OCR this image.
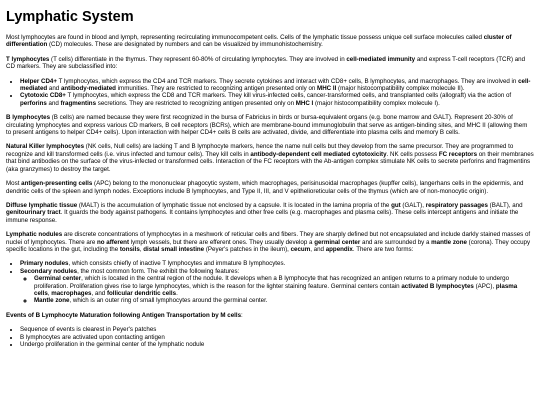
Lymphatic System

Most lymphocytes are found in blood and lymph, representing recirculating immunocompetent cells. Cells of the lymphatic tissue possess unique cell surface molecules called cluster of differentiation (CD) molecules. These are designated by numbers and can be visualized by immunohistochemistry.

T lymphocytes (T cells) differentiate in the thymus. They represent 60-80% of circulating lymphocytes. They are involved in cell-mediated immunity and express T-cell receptors (TCR) and CD markers. They are subclassified into:

• Helper CD4+ T lymphocytes, which express the CD4 and TCR markers. They secrete cytokines and interact with CD8+ cells, B lymphocytes, and macrophages. They are involved in cell-mediated and antibody-mediated immunities. They are restricted to recognizing antigen presented only on MHC II (major histocompatibility complex molecule II).
• Cytotoxic CD8+ T lymphocytes, which express the CD8 and TCR markers. They kill virus-infected cells, cancer-transformed cells, and transplanted cells (allograft) via the action of perforins and fragmentins secretions. They are restricted to recognizing antigen presented only on MHC I (major histocompatibility complex molecule I).

B lymphocytes (B cells) are named because they were first recognized in the bursa of Fabricius in birds or bursa-equivalent organs (e.g. bone marrow and GALT). Represent 20-30% of circulating lymphocytes and express various CD markers, B cell receptors (BCRs), which are membrane-bound immunoglobulin that serve as antigen-binding sites, and MHC II (allowing them to present antigens to helper CD4+ cells). Upon interaction with helper CD4+ cells B cells are activated, divide, and differentiate into plasma cells and memory B cells.

Natural Killer lymphocytes (NK cells, Null cells) are lacking T and B lymphocyte markers, hence the name null cells but they develop from the same precursor. They are programmed to recognize and kill transformed cells (i.e. virus infected and tumour cells). They kill cells in antibody-dependent cell mediated cytotoxicity. NK cells possess FC receptors on their membranes that bind antibodies on the surface of the virus-infected or transformed cells. Interaction of the FC receptors with the Ab-antigen complex stimulate NK cells to secrete perforins and fragmentins (aka granzymes) to destroy the target.

Most antigen-presenting cells (APC) belong to the mononuclear phagocytic system, which macrophages, perisinusoidal macrophages (kupffer cells), langerhans cells in the epidermis, and dendritic cells of the spleen and lymph nodes. Exceptions include B lymphocytes, and Type II, III, and V epithelioreticular cells of the thymus (which are of non-monocytic origin).

Diffuse lymphatic tissue (MALT) is the accumulation of lymphatic tissue not enclosed by a capsule. It is located in the lamina propria of the gut (GALT), respiratory passages (BALT), and genitourinary tract. It guards the body against pathogens. It contains lymphocytes and other free cells (e.g. macrophages and plasma cells). These cells intercept antigens and initiate the immune response.

Lymphatic nodules are discrete concentrations of lymphocytes in a meshwork of reticular cells and fibers. They are sharply defined but not encapsulated and include darkly stained masses of nuclei of lymphocytes. There are no afferent lymph vessels, but there are efferent ones. They usually develop a germinal center and are surrounded by a mantle zone (corona). They occupy specific locations in the gut, including the tonsils, distal small intestine (Peyer's patches in the ileum), cecum, and appendix. There are two forms:

• Primary nodules, which consists chiefly of inactive T lymphocytes and immature B lymphocytes.
• Secondary nodules, the most common form. The exhibit the following features:
◦ Germinal center, which is located in the central region of the nodule. It develops when a B lymphocyte that has recognized an antigen returns to a primary nodule to undergo proliferation. Proliferation gives rise to large lymphocytes, which is the reason for the lighter staining feature. Germinal centers contain activated B lymphocytes (APC), plasma cells, macrophages, and follicular dendritic cells.
◦ Mantle zone, which is an outer ring of small lymphocytes around the germinal center.

Events of B Lymphocyte Maturation following Antigen Transportation by M cells:

• Sequence of events is clearest in Peyer's patches
• B lymphocytes are activated upon contacting antigen
• Undergo proliferation in the germinal center of the lymphatic nodule
